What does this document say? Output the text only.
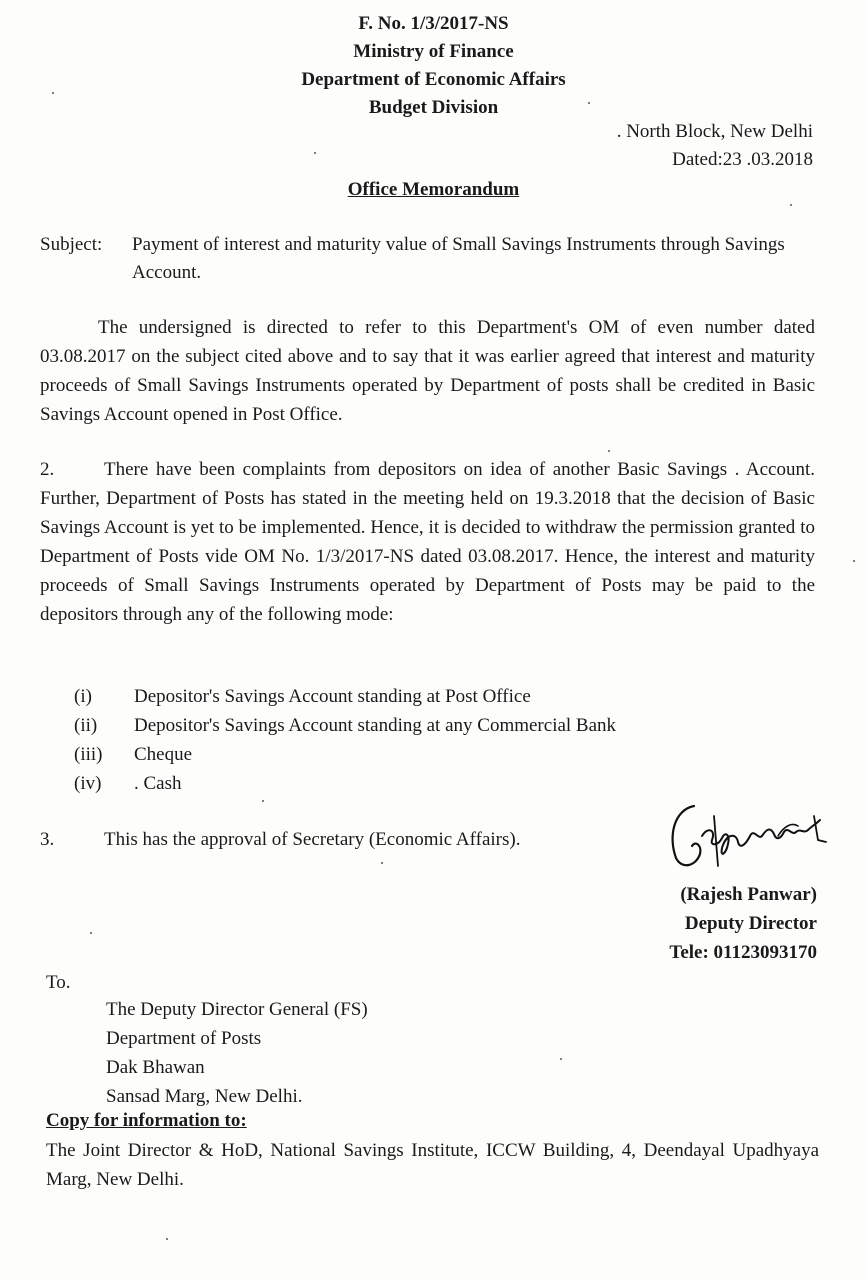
F. No. 1/3/2017-NS
Ministry of Finance
Department of Economic Affairs
Budget Division
. North Block, New Delhi
Dated:23 .03.2018
Office Memorandum
Subject: Payment of interest and maturity value of Small Savings Instruments through Savings Account.
The undersigned is directed to refer to this Department's OM of even number dated 03.08.2017 on the subject cited above and to say that it was earlier agreed that interest and maturity proceeds of Small Savings Instruments operated by Department of posts shall be credited in Basic Savings Account opened in Post Office.
2.	There have been complaints from depositors on idea of another Basic Savings . Account. Further, Department of Posts has stated in the meeting held on 19.3.2018 that the decision of Basic Savings Account is yet to be implemented. Hence, it is decided to withdraw the permission granted to Department of Posts vide OM No. 1/3/2017-NS dated 03.08.2017. Hence, the interest and maturity proceeds of Small Savings Instruments operated by Department of Posts may be paid to the depositors through any of the following mode:
(i) Depositor's Savings Account standing at Post Office
(ii) Depositor's Savings Account standing at any Commercial Bank
(iii) Cheque
(iv) . Cash
3.	This has the approval of Secretary (Economic Affairs).
(Rajesh Panwar)
Deputy Director
Tele: 01123093170
To.
The Deputy Director General (FS)
Department of Posts
Dak Bhawan
Sansad Marg, New Delhi.
Copy for information to:
The Joint Director & HoD, National Savings Institute, ICCW Building, 4, Deendayal Upadhyaya Marg, New Delhi.
